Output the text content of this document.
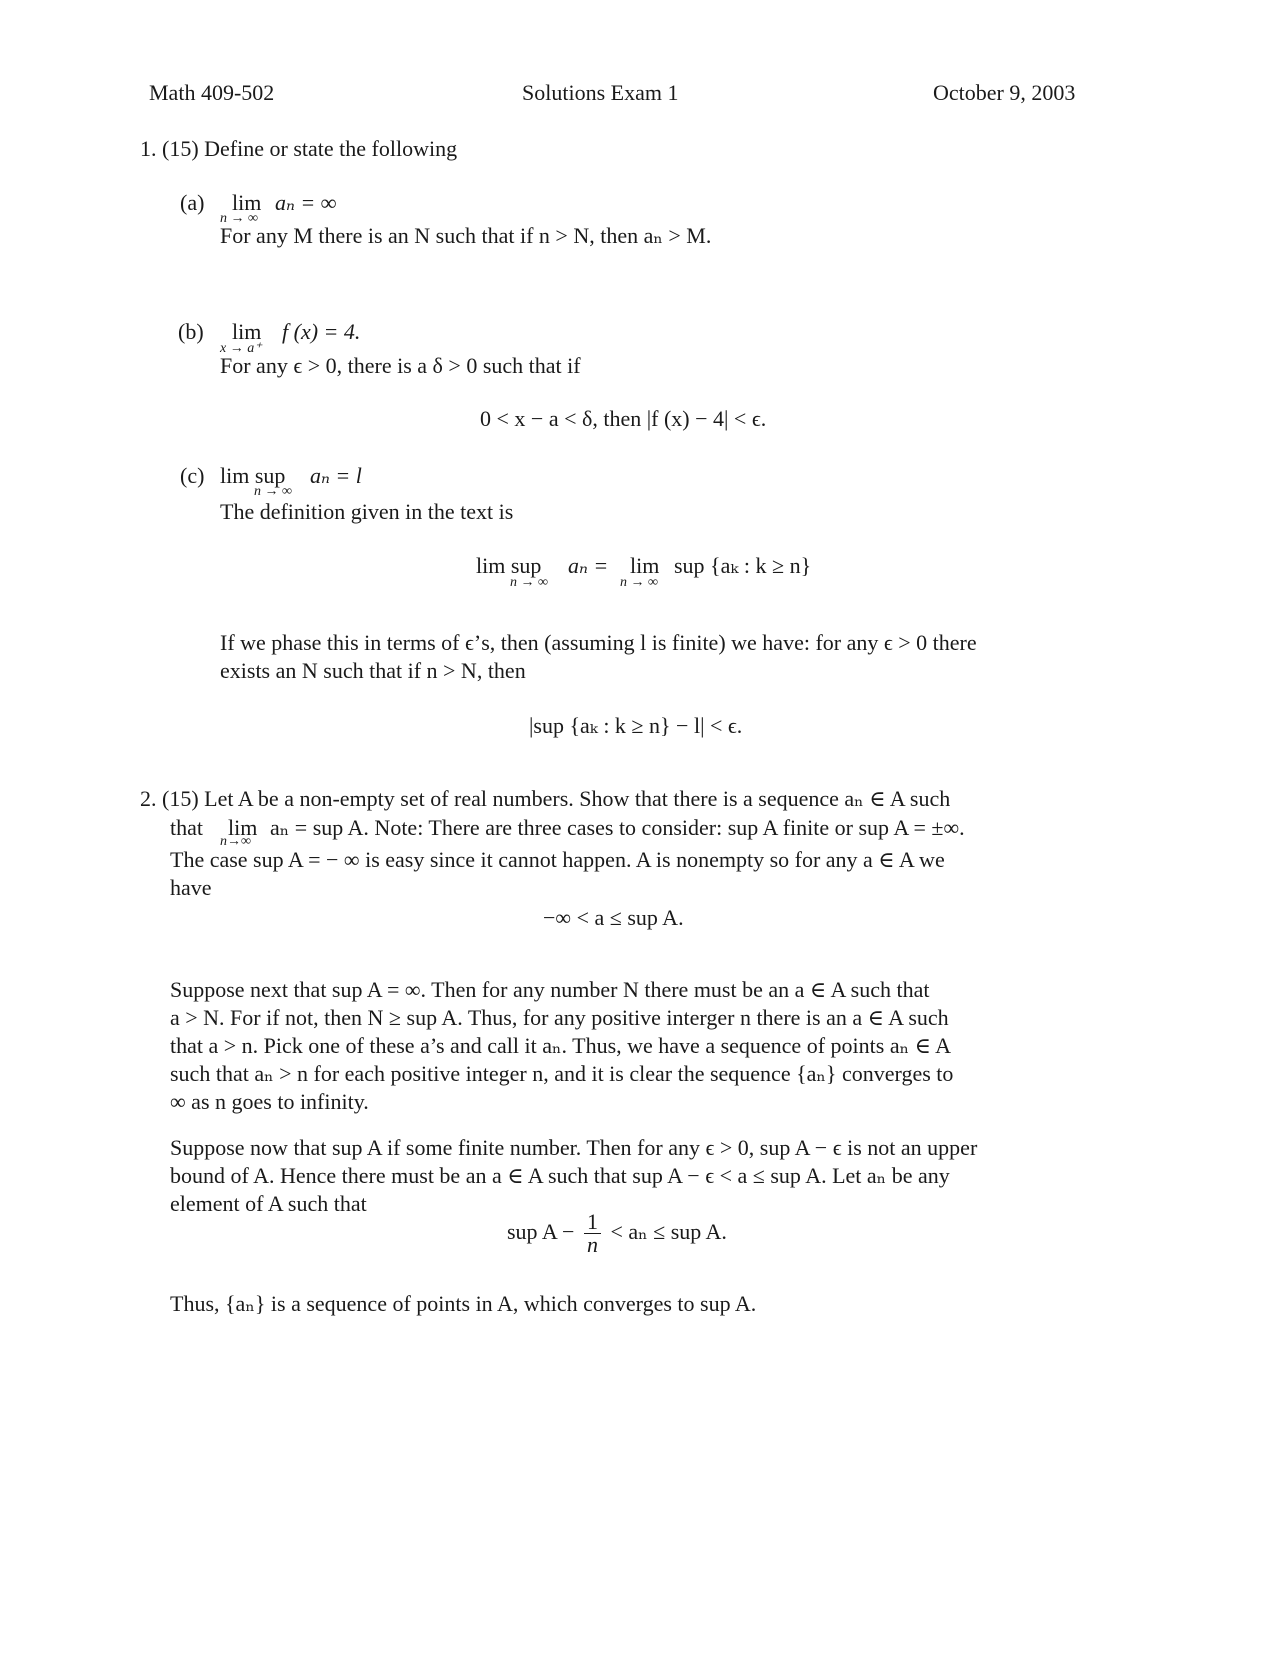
Math 409-502	Solutions Exam 1	October 9, 2003
1. (15) Define or state the following
(a) lim
n → ∞
aₙ = ∞
For any M there is an N such that if n > N, then aₙ > M.
(b) lim
x → a⁺
f (x) = 4.
For any ϵ > 0, there is a δ > 0 such that if
0 < x − a < δ, then |f (x) − 4| < ϵ.
(c) lim sup
n → ∞
aₙ = l
The definition given in the text is
lim sup
n → ∞
aₙ = lim
n → ∞
sup {aₖ : k ≥ n}
If we phase this in terms of ϵ’s, then (assuming l is finite) we have: for any ϵ > 0 there
exists an N such that if n > N, then
|sup {aₖ : k ≥ n} − l| < ϵ.
2. (15) Let A be a non-empty set of real numbers. Show that there is a sequence aₙ ∈ A such
that lim
n→∞
aₙ = sup A. Note: There are three cases to consider: sup A finite or sup A = ±∞.
The case sup A = − ∞ is easy since it cannot happen. A is nonempty so for any a ∈ A we
have
−∞ < a ≤ sup A.
Suppose next that sup A = ∞. Then for any number N there must be an a ∈ A such that
a > N. For if not, then N ≥ sup A. Thus, for any positive interger n there is an a ∈ A such
that a > n. Pick one of these a’s and call it aₙ. Thus, we have a sequence of points aₙ ∈ A
such that aₙ > n for each positive integer n, and it is clear the sequence {aₙ} converges to
∞ as n goes to infinity.
Suppose now that sup A if some finite number. Then for any ϵ > 0, sup A − ϵ is not an upper
bound of A. Hence there must be an a ∈ A such that sup A − ϵ < a ≤ sup A. Let aₙ be any
element of A such that
sup $A - \frac{1}{n} < a_n$ ≤ sup A.
Thus, {aₙ} is a sequence of points in A, which converges to sup A.
